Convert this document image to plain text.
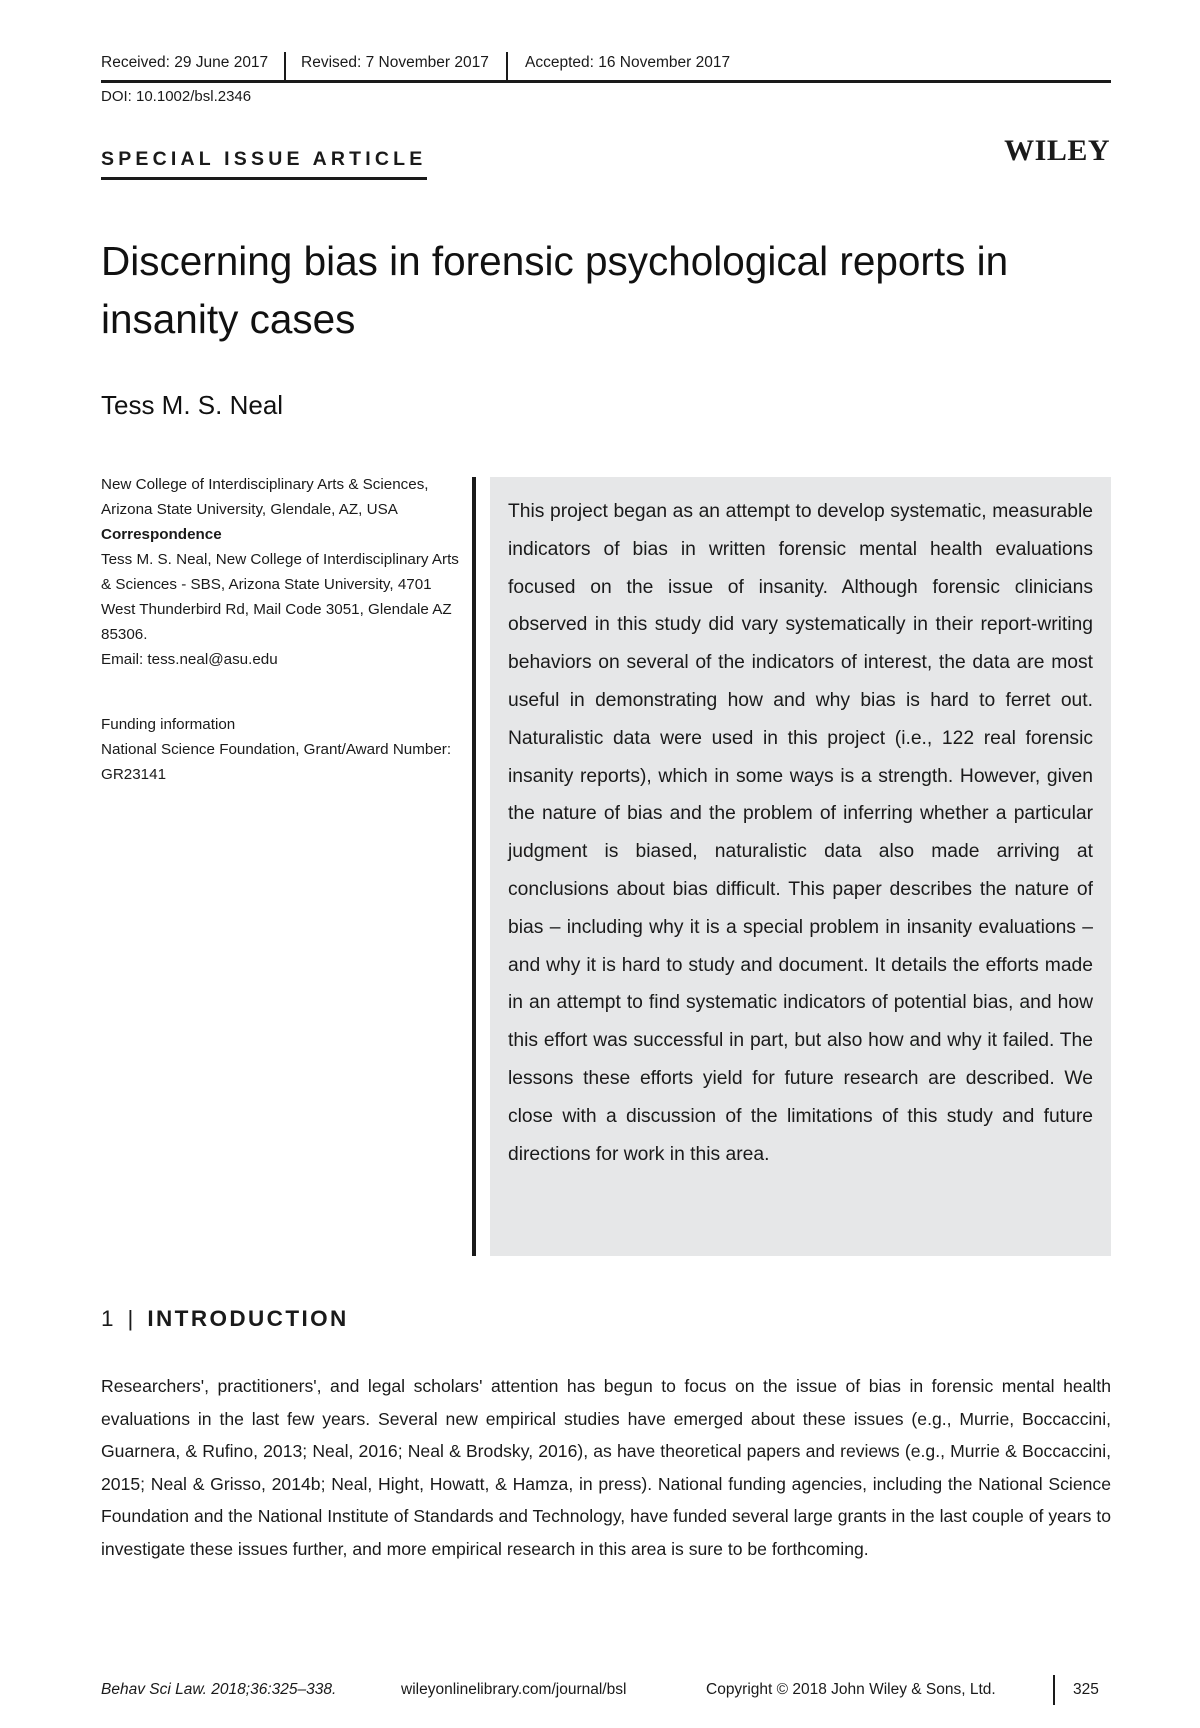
Received: 29 June 2017 Revised: 7 November 2017 Accepted: 16 November 2017
DOI: 10.1002/bsl.2346
SPECIAL ISSUE ARTICLE	WILEY
Discerning bias in forensic psychological reports in insanity cases
Tess M. S. Neal
New College of Interdisciplinary Arts & Sciences, Arizona State University, Glendale, AZ, USA
Correspondence
Tess M. S. Neal, New College of Interdisciplinary Arts & Sciences - SBS, Arizona State University, 4701 West Thunderbird Rd, Mail Code 3051, Glendale AZ 85306.
Email: tess.neal@asu.edu
Funding information
National Science Foundation, Grant/Award Number: GR23141

This project began as an attempt to develop systematic, measurable indicators of bias in written forensic mental health evaluations focused on the issue of insanity. Although forensic clinicians observed in this study did vary systematically in their report-writing behaviors on several of the indicators of interest, the data are most useful in demonstrating how and why bias is hard to ferret out. Naturalistic data were used in this project (i.e., 122 real forensic insanity reports), which in some ways is a strength. However, given the nature of bias and the problem of inferring whether a particular judgment is biased, naturalistic data also made arriving at conclusions about bias difficult. This paper describes the nature of bias – including why it is a special problem in insanity evaluations – and why it is hard to study and document. It details the efforts made in an attempt to find systematic indicators of potential bias, and how this effort was successful in part, but also how and why it failed. The lessons these efforts yield for future research are described. We close with a discussion of the limitations of this study and future directions for work in this area.

1 | INTRODUCTION

Researchers', practitioners', and legal scholars' attention has begun to focus on the issue of bias in forensic mental health evaluations in the last few years. Several new empirical studies have emerged about these issues (e.g., Murrie, Boccaccini, Guarnera, & Rufino, 2013; Neal, 2016; Neal & Brodsky, 2016), as have theoretical papers and reviews (e.g., Murrie & Boccaccini, 2015; Neal & Grisso, 2014b; Neal, Hight, Howatt, & Hamza, in press). National funding agencies, including the National Science Foundation and the National Institute of Standards and Technology, have funded several large grants in the last couple of years to investigate these issues further, and more empirical research in this area is sure to be forthcoming.

Behav Sci Law. 2018;36:325–338.	wileyonlinelibrary.com/journal/bsl	Copyright © 2018 John Wiley & Sons, Ltd.	325
